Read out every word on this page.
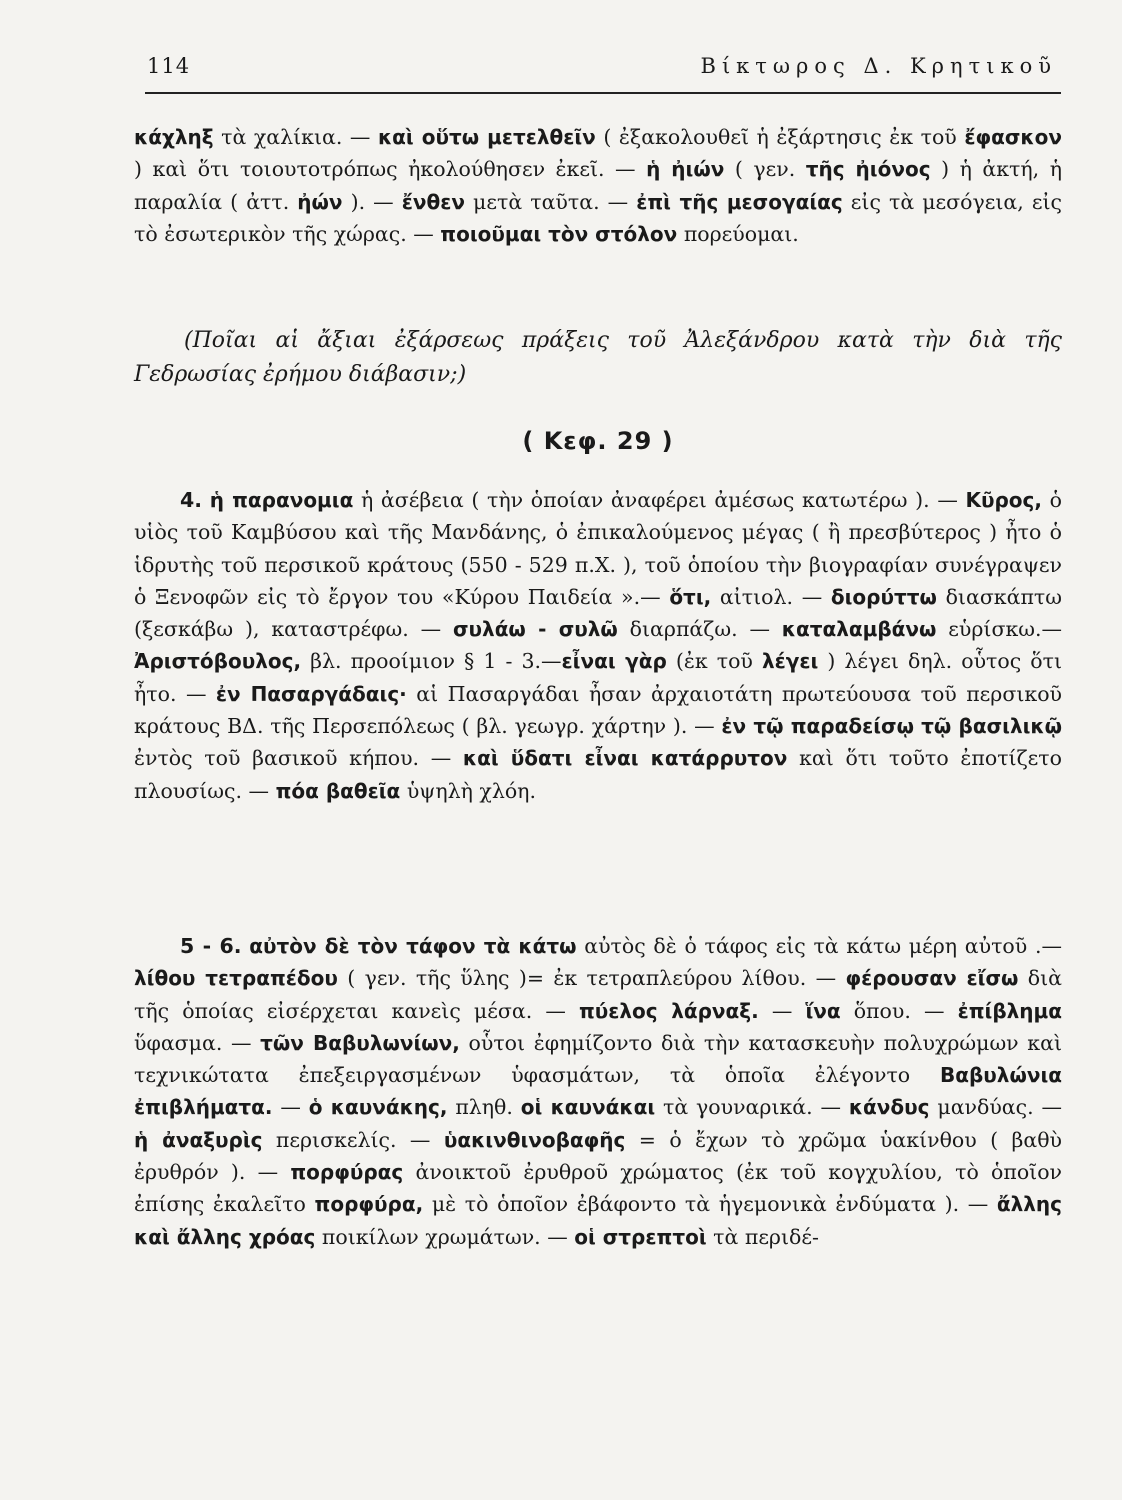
114	Βίκτωρος Δ. Κρητικοῦ

κάχληξ τὰ χαλίκια. — καὶ οὕτω μετελθεῖν ( ἐξακολουθεῖ ἡ ἐξάρτησις ἐκ τοῦ ἔφασκον ) καὶ ὅτι τοιουτοτρόπως ἠκολούθησεν ἐκεῖ. — ἡ ἠιών ( γεν. τῆς ἠιόνος ) ἡ ἀκτή, ἡ παραλία ( ἀττ. ἠών ). — ἔνθεν μετὰ ταῦτα. — ἐπὶ τῆς μεσογαίας εἰς τὰ μεσόγεια, εἰς τὸ ἐσωτερικὸν τῆς χώρας. — ποιοῦμαι τὸν στόλον πορεύομαι.

(Ποῖαι αἱ ἄξιαι ἐξάρσεως πράξεις τοῦ Ἀλεξάνδρου κατὰ τὴν διὰ τῆς Γεδρωσίας ἐρήμου διάβασιν;)

( Κεφ. 29 )

4. ἡ παρανομια ἡ ἀσέβεια ( τὴν ὁποίαν ἀναφέρει ἀμέσως κατωτέρω ). — Κῦρος, ὁ υἱὸς τοῦ Καμβύσου καὶ τῆς Μανδάνης, ὁ ἐπικαλούμενος μέγας ( ἢ πρεσβύτερος ) ἦτο ὁ ἱδρυτὴς τοῦ περσικοῦ κράτους (550 - 529 π.Χ. ), τοῦ ὁποίου τὴν βιογραφίαν συνέγραψεν ὁ Ξενοφῶν εἰς τὸ ἔργον του «Κύρου Παιδεία ».— ὅτι, αἰτιολ. — διορύττω διασκάπτω (ξεσκάβω ), καταστρέφω. — συλάω - συλῶ διαρπάζω. — καταλαμβάνω εὑρίσκω.—Ἀριστόβουλος, βλ. προοίμιον § 1 - 3.—εἶναι γὰρ (ἐκ τοῦ λέγει ) λέγει δηλ. οὗτος ὅτι ἦτο. — ἐν Πασαργάδαις· αἱ Πασαργάδαι ἦσαν ἀρχαιοτάτη πρωτεύουσα τοῦ περσικοῦ κράτους ΒΔ. τῆς Περσεπόλεως ( βλ. γεωγρ. χάρτην ). — ἐν τῷ παραδείσῳ τῷ βασιλικῷ ἐντὸς τοῦ βασικοῦ κήπου. — καὶ ὕδατι εἶναι κατάρρυτον καὶ ὅτι τοῦτο ἐποτίζετο πλουσίως. — πόα βαθεῖα ὑψηλὴ χλόη.

5 - 6. αὐτὸν δὲ τὸν τάφον τὰ κάτω αὐτὸς δὲ ὁ τάφος εἰς τὰ κάτω μέρη αὐτοῦ .— λίθου τετραπέδου ( γεν. τῆς ὕλης )= ἐκ τετραπλεύρου λίθου. — φέρουσαν εἴσω διὰ τῆς ὁποίας εἰσέρχεται κανεὶς μέσα. — πύελος λάρναξ. — ἵνα ὅπου. — ἐπίβλημα ὕφασμα. — τῶν Βαβυλωνίων, οὗτοι ἐφημίζοντο διὰ τὴν κατασκευὴν πολυχρώμων καὶ τεχνικώτατα ἐπεξειργασμένων ὑφασμάτων, τὰ ὁποῖα ἐλέγοντο Βαβυλώνια ἐπιβλήματα. — ὁ καυνάκης, πληθ. οἱ καυνάκαι τὰ γουναρικά. — κάνδυς μανδύας. — ἡ ἀναξυρὶς περισκελίς. — ὑακινθινοβαφῆς = ὁ ἔχων τὸ χρῶμα ὑακίνθου ( βαθὺ ἐρυθρόν ). — πορφύρας ἀνοικτοῦ ἐρυθροῦ χρώματος (ἐκ τοῦ κογχυλίου, τὸ ὁποῖον ἐπίσης ἐκαλεῖτο πορφύρα, μὲ τὸ ὁποῖον ἐβάφοντο τὰ ἡγεμονικὰ ἐνδύματα ). — ἄλλης καὶ ἄλλης χρόας ποικίλων χρωμάτων. — οἱ στρεπτοὶ τὰ περιδέ-
